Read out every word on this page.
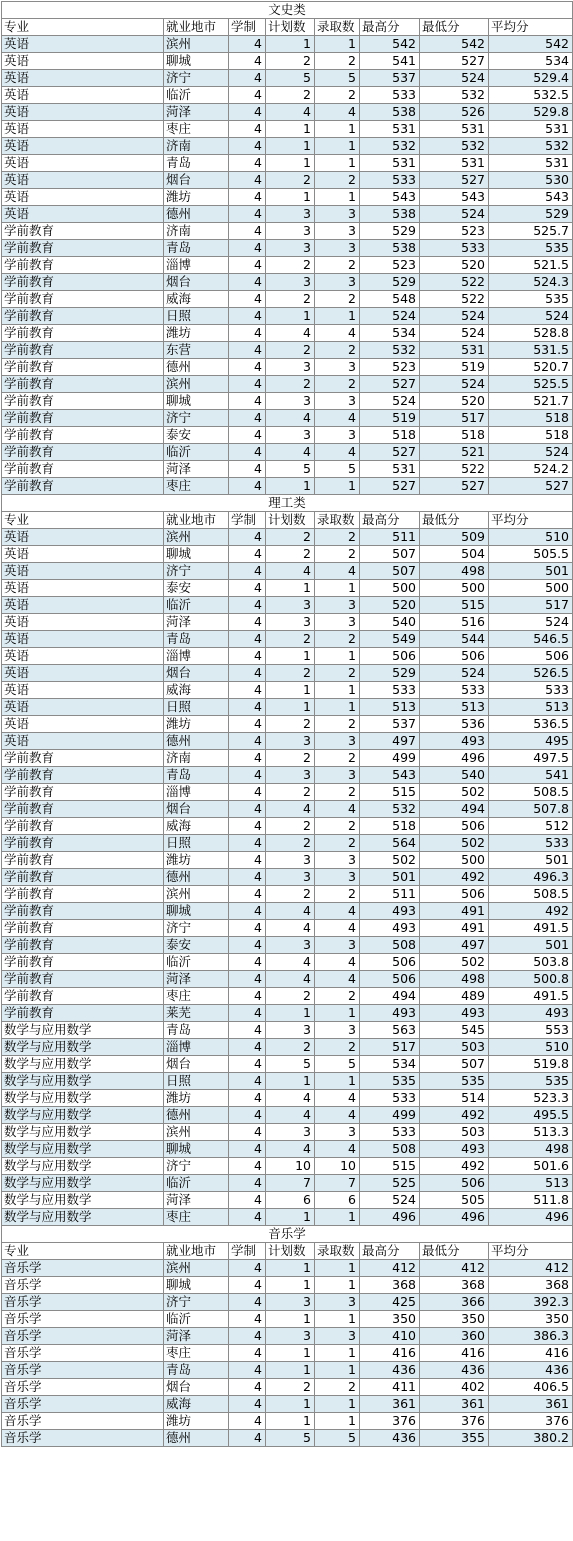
文史类							
专业	就业地市	学制	计划数	录取数	最高分	最低分	平均分
英语	滨州	4	1	1	542	542	542
英语	聊城	4	2	2	541	527	534
英语	济宁	4	5	5	537	524	529.4
英语	临沂	4	2	2	533	532	532.5
英语	菏泽	4	4	4	538	526	529.8
英语	枣庄	4	1	1	531	531	531
英语	济南	4	1	1	532	532	532
英语	青岛	4	1	1	531	531	531
英语	烟台	4	2	2	533	527	530
英语	潍坊	4	1	1	543	543	543
英语	德州	4	3	3	538	524	529
学前教育	济南	4	3	3	529	523	525.7
学前教育	青岛	4	3	3	538	533	535
学前教育	淄博	4	2	2	523	520	521.5
学前教育	烟台	4	3	3	529	522	524.3
学前教育	威海	4	2	2	548	522	535
学前教育	日照	4	1	1	524	524	524
学前教育	潍坊	4	4	4	534	524	528.8
学前教育	东营	4	2	2	532	531	531.5
学前教育	德州	4	3	3	523	519	520.7
学前教育	滨州	4	2	2	527	524	525.5
学前教育	聊城	4	3	3	524	520	521.7
学前教育	济宁	4	4	4	519	517	518
学前教育	泰安	4	3	3	518	518	518
学前教育	临沂	4	4	4	527	521	524
学前教育	菏泽	4	5	5	531	522	524.2
学前教育	枣庄	4	1	1	527	527	527
理工类							
专业	就业地市	学制	计划数	录取数	最高分	最低分	平均分
英语	滨州	4	2	2	511	509	510
英语	聊城	4	2	2	507	504	505.5
英语	济宁	4	4	4	507	498	501
英语	泰安	4	1	1	500	500	500
英语	临沂	4	3	3	520	515	517
英语	菏泽	4	3	3	540	516	524
英语	青岛	4	2	2	549	544	546.5
英语	淄博	4	1	1	506	506	506
英语	烟台	4	2	2	529	524	526.5
英语	威海	4	1	1	533	533	533
英语	日照	4	1	1	513	513	513
英语	潍坊	4	2	2	537	536	536.5
英语	德州	4	3	3	497	493	495
学前教育	济南	4	2	2	499	496	497.5
学前教育	青岛	4	3	3	543	540	541
学前教育	淄博	4	2	2	515	502	508.5
学前教育	烟台	4	4	4	532	494	507.8
学前教育	威海	4	2	2	518	506	512
学前教育	日照	4	2	2	564	502	533
学前教育	潍坊	4	3	3	502	500	501
学前教育	德州	4	3	3	501	492	496.3
学前教育	滨州	4	2	2	511	506	508.5
学前教育	聊城	4	4	4	493	491	492
学前教育	济宁	4	4	4	493	491	491.5
学前教育	泰安	4	3	3	508	497	501
学前教育	临沂	4	4	4	506	502	503.8
学前教育	菏泽	4	4	4	506	498	500.8
学前教育	枣庄	4	2	2	494	489	491.5
学前教育	莱芜	4	1	1	493	493	493
数学与应用数学	青岛	4	3	3	563	545	553
数学与应用数学	淄博	4	2	2	517	503	510
数学与应用数学	烟台	4	5	5	534	507	519.8
数学与应用数学	日照	4	1	1	535	535	535
数学与应用数学	潍坊	4	4	4	533	514	523.3
数学与应用数学	德州	4	4	4	499	492	495.5
数学与应用数学	滨州	4	3	3	533	503	513.3
数学与应用数学	聊城	4	4	4	508	493	498
数学与应用数学	济宁	4	10	10	515	492	501.6
数学与应用数学	临沂	4	7	7	525	506	513
数学与应用数学	菏泽	4	6	6	524	505	511.8
数学与应用数学	枣庄	4	1	1	496	496	496
音乐学							
专业	就业地市	学制	计划数	录取数	最高分	最低分	平均分
音乐学	滨州	4	1	1	412	412	412
音乐学	聊城	4	1	1	368	368	368
音乐学	济宁	4	3	3	425	366	392.3
音乐学	临沂	4	1	1	350	350	350
音乐学	菏泽	4	3	3	410	360	386.3
音乐学	枣庄	4	1	1	416	416	416
音乐学	青岛	4	1	1	436	436	436
音乐学	烟台	4	2	2	411	402	406.5
音乐学	威海	4	1	1	361	361	361
音乐学	潍坊	4	1	1	376	376	376
音乐学	德州	4	5	5	436	355	380.2
